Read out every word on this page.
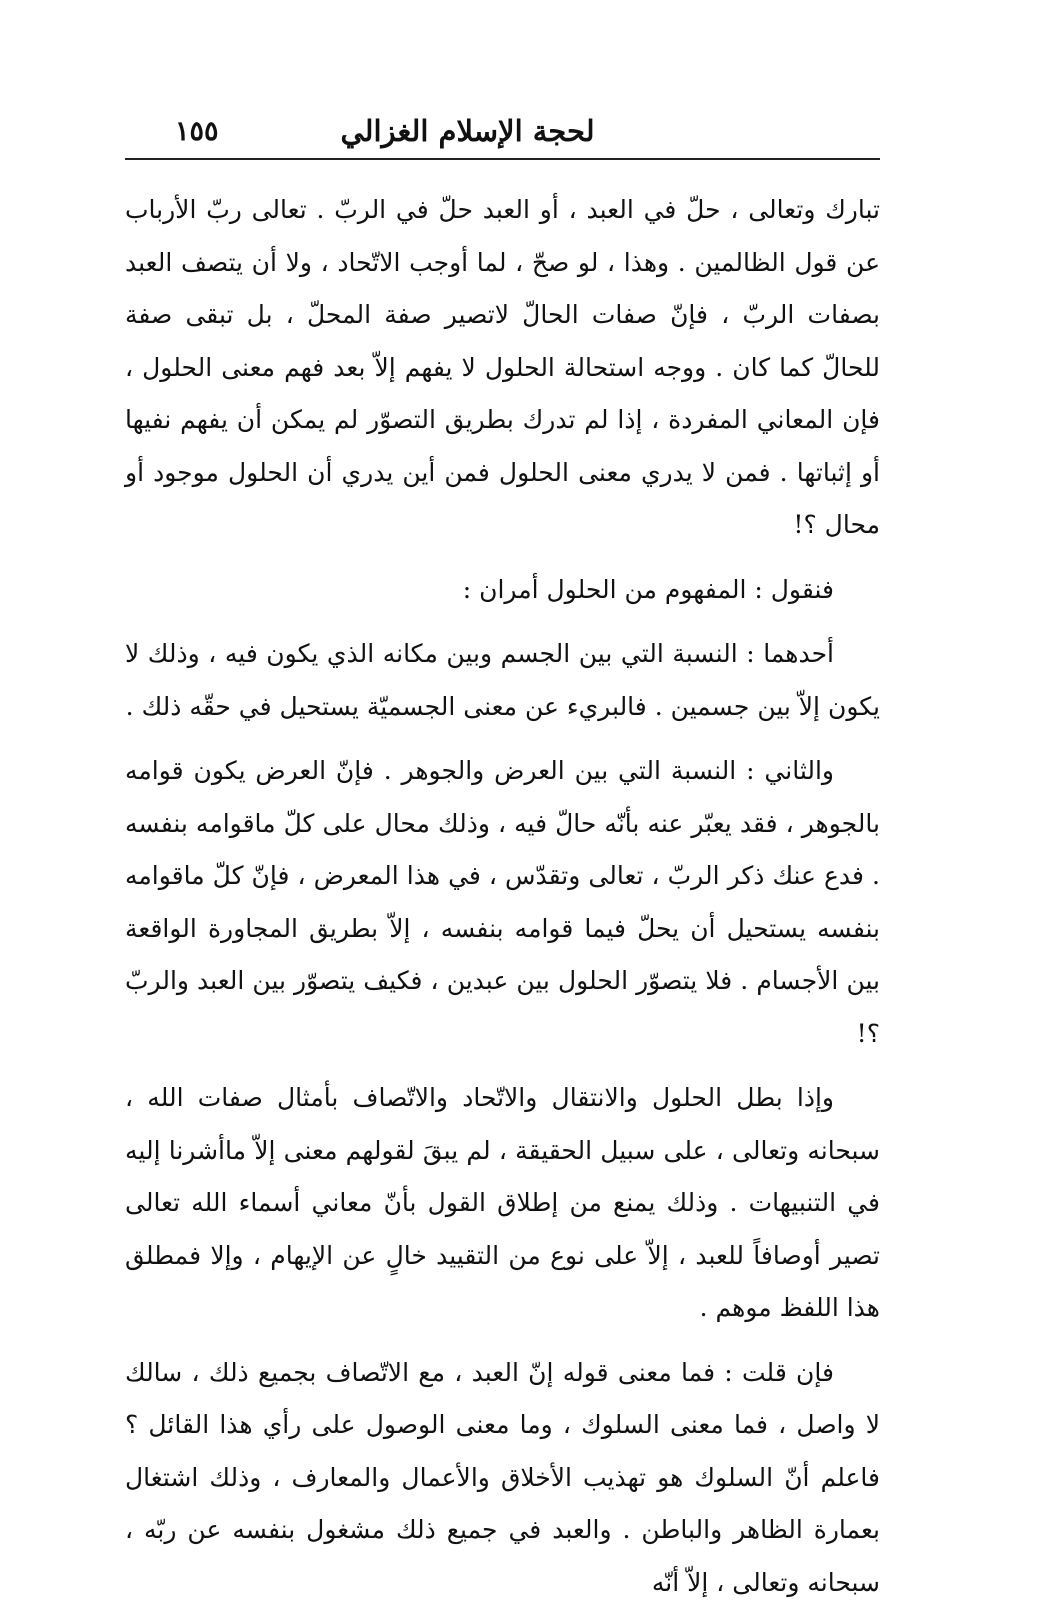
لحجة الإسلام الغزالي
١٥٥

تبارك وتعالى ، حلّ في العبد ، أو العبد حلّ في الربّ . تعالى ربّ الأرباب عن قول الظالمين . وهذا ، لو صحّ ، لما أوجب الاتّحاد ، ولا أن يتصف العبد بصفات الربّ ، فإنّ صفات الحالّ لاتصير صفة المحلّ ، بل تبقى صفة للحالّ كما كان . ووجه استحالة الحلول لا يفهم إلاّ بعد فهم معنى الحلول ، فإن المعاني المفردة ، إذا لم تدرك بطريق التصوّر لم يمكن أن يفهم نفيها أو إثباتها . فمن لا يدري معنى الحلول فمن أين يدري أن الحلول موجود أو محال ؟!

فنقول : المفهوم من الحلول أمران :

أحدهما : النسبة التي بين الجسم وبين مكانه الذي يكون فيه ، وذلك لا يكون إلاّ بين جسمين . فالبريء عن معنى الجسميّة يستحيل في حقّه ذلك .

والثاني : النسبة التي بين العرض والجوهر . فإنّ العرض يكون قوامه بالجوهر ، فقد يعبّر عنه بأنّه حالّ فيه ، وذلك محال على كلّ ماقوامه بنفسه . فدع عنك ذكر الربّ ، تعالى وتقدّس ، في هذا المعرض ، فإنّ كلّ ماقوامه بنفسه يستحيل أن يحلّ فيما قوامه بنفسه ، إلاّ بطريق المجاورة الواقعة بين الأجسام . فلا يتصوّر الحلول بين عبدين ، فكيف يتصوّر بين العبد والربّ ؟!

وإذا بطل الحلول والانتقال والاتّحاد والاتّصاف بأمثال صفات الله ، سبحانه وتعالى ، على سبيل الحقيقة ، لم يبقَ لقولهم معنى إلاّ ماأشرنا إليه في التنبيهات . وذلك يمنع من إطلاق القول بأنّ معاني أسماء الله تعالى تصير أوصافاً للعبد ، إلاّ على نوع من التقييد خالٍ عن الإيهام ، وإلا فمطلق هذا اللفظ موهم .

فإن قلت : فما معنى قوله إنّ العبد ، مع الاتّصاف بجميع ذلك ، سالك لا واصل ، فما معنى السلوك ، وما معنى الوصول على رأي هذا القائل ؟ فاعلم أنّ السلوك هو تهذيب الأخلاق والأعمال والمعارف ، وذلك اشتغال بعمارة الظاهر والباطن . والعبد في جميع ذلك مشغول بنفسه عن ربّه ، سبحانه وتعالى ، إلاّ أنّه
